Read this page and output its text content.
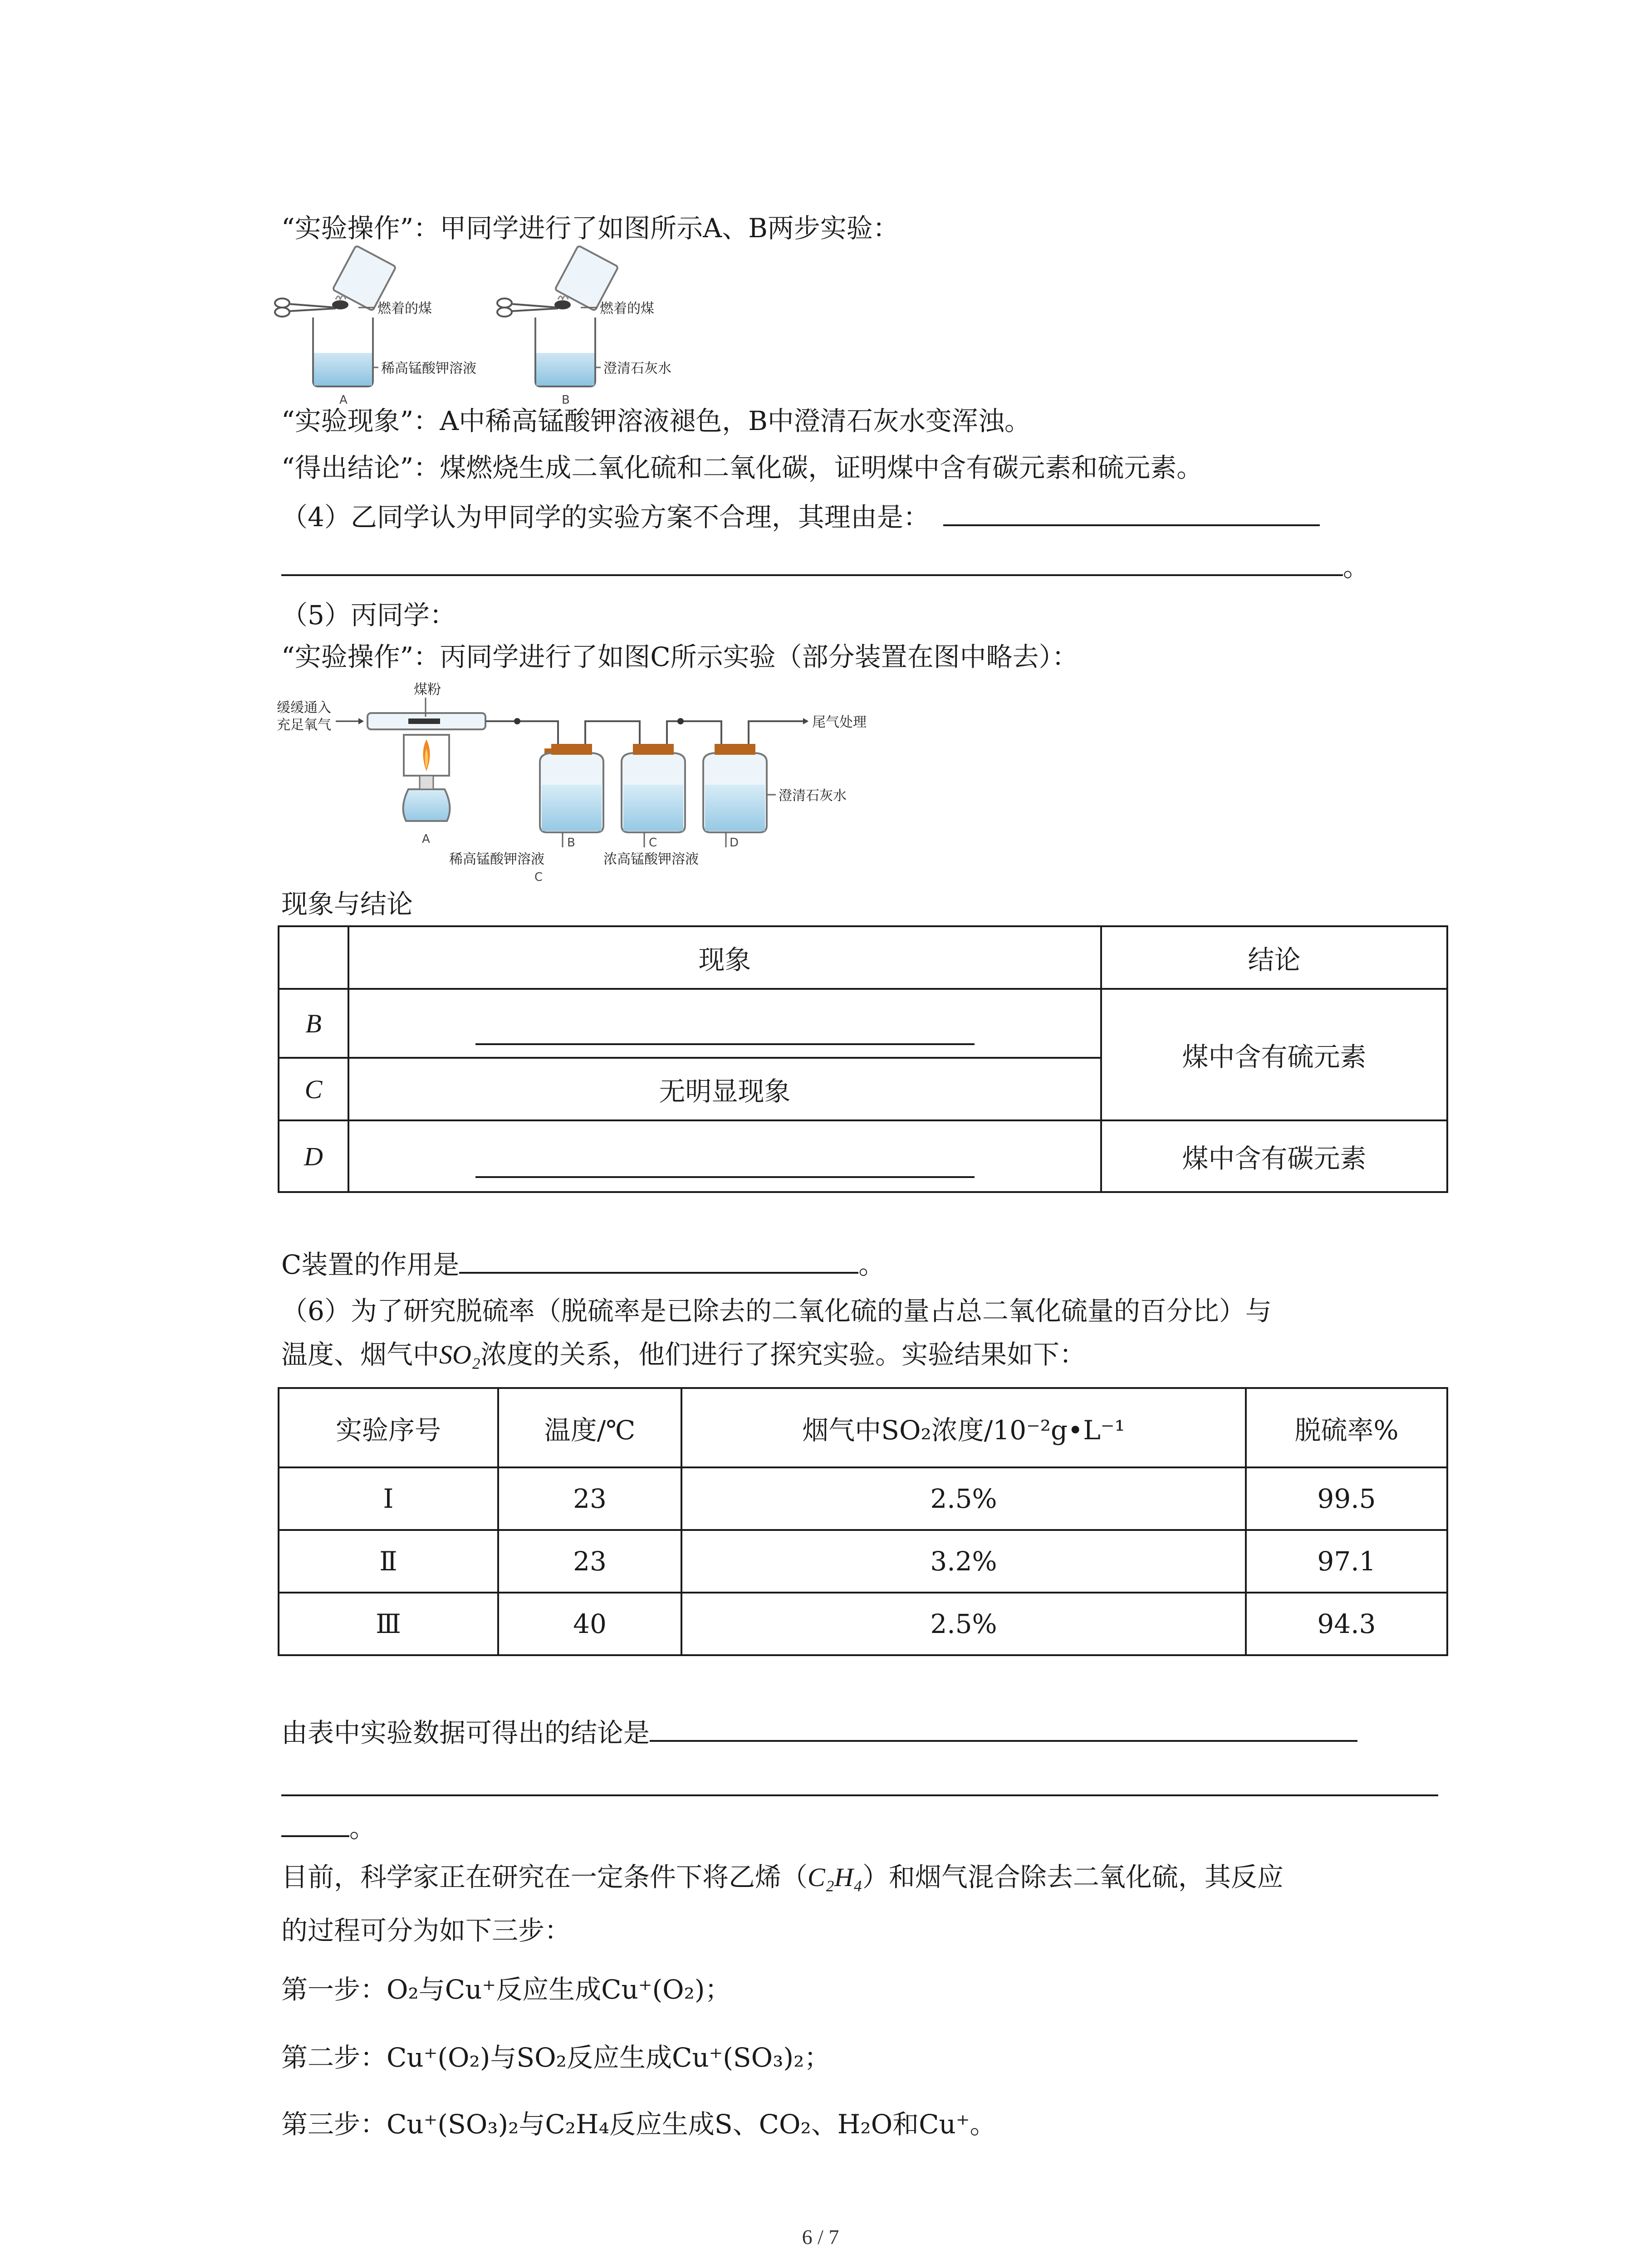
“实验操作”：甲同学进行了如图所示A、B两步实验：
燃着的煤
稀高锰酸钾溶液
A
燃着的煤
澄清石灰水
B
“实验现象”：A中稀高锰酸钾溶液褪色，B中澄清石灰水变浑浊。
“得出结论”：煤燃烧生成二氧化硫和二氧化碳，证明煤中含有碳元素和硫元素。
（4）乙同学认为甲同学的实验方案不合理，其理由是：
。
（5）丙同学：
“实验操作”：丙同学进行了如图C所示实验（部分装置在图中略去）：
缓缓通入
充足氧气
煤粉
A
尾气处理
澄清石灰水
B	C	D
稀高锰酸钾溶液	浓高锰酸钾溶液
C
现象与结论
	现象	结论
B		煤中含有硫元素
C	无明显现象	
D		煤中含有碳元素
C装置的作用是	。
（6）为了研究脱硫率（脱硫率是已除去的二氧化硫的量占总二氧化硫量的百分比）与
温度、烟气中SO₂浓度的关系，他们进行了探究实验。实验结果如下：
实验序号	温度/℃	烟气中SO₂浓度/10⁻²g•L⁻¹	脱硫率%
Ⅰ	23	2.5%	99.5
Ⅱ	23	3.2%	97.1
Ⅲ	40	2.5%	94.3
由表中实验数据可得出的结论是
。
目前，科学家正在研究在一定条件下将乙烯（C₂H₄）和烟气混合除去二氧化硫，其反应
的过程可分为如下三步：
第一步：O₂与Cu⁺反应生成Cu⁺(O₂)；
第二步：Cu⁺(O₂)与SO₂反应生成Cu⁺(SO₃)₂；
第三步：Cu⁺(SO₃)₂与C₂H₄反应生成S、CO₂、H₂O和Cu⁺。
6 / 7
